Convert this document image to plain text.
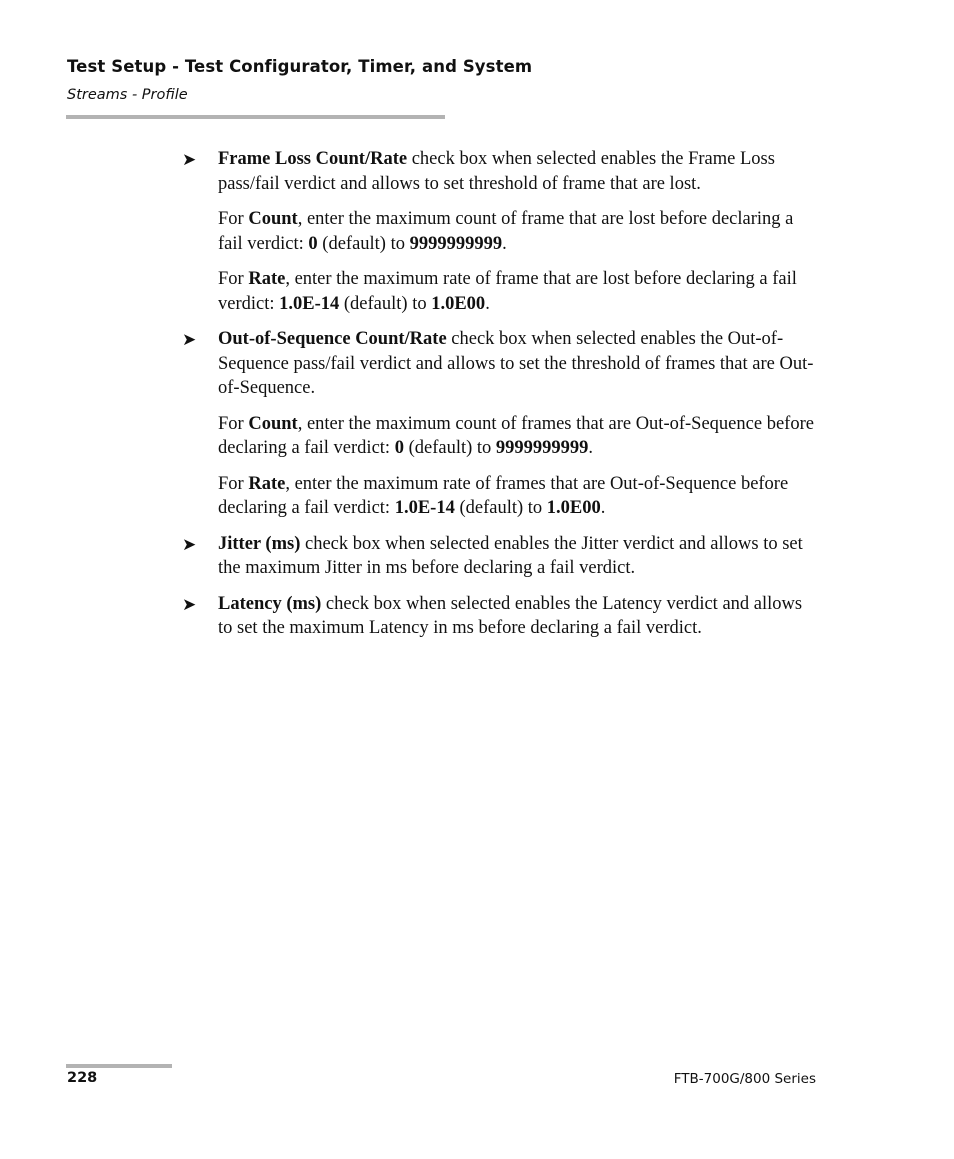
Test Setup - Test Configurator, Timer, and System
Streams - Profile
➤ Frame Loss Count/Rate check box when selected enables the Frame Loss pass/fail verdict and allows to set threshold of frame that are lost.

For Count, enter the maximum count of frame that are lost before declaring a fail verdict: 0 (default) to 9999999999.

For Rate, enter the maximum rate of frame that are lost before declaring a fail verdict: 1.0E-14 (default) to 1.0E00.

➤ Out-of-Sequence Count/Rate check box when selected enables the Out-of-Sequence pass/fail verdict and allows to set the threshold of frames that are Out-of-Sequence.

For Count, enter the maximum count of frames that are Out-of-Sequence before declaring a fail verdict: 0 (default) to 9999999999.

For Rate, enter the maximum rate of frames that are Out-of-Sequence before declaring a fail verdict: 1.0E-14 (default) to 1.0E00.

➤ Jitter (ms) check box when selected enables the Jitter verdict and allows to set the maximum Jitter in ms before declaring a fail verdict.

➤ Latency (ms) check box when selected enables the Latency verdict and allows to set the maximum Latency in ms before declaring a fail verdict.

228	FTB-700G/800 Series
